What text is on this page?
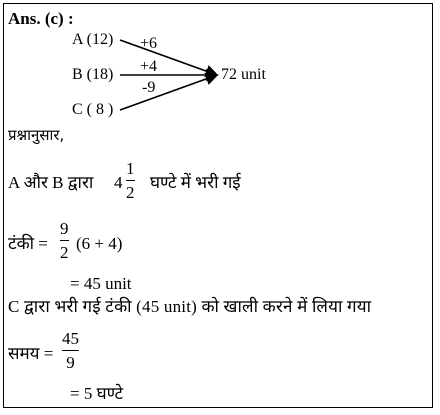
Ans. (c) :
A (12)
B (18)
C ( 8 )
+6
+4
-9
72 unit
प्रश्नानुसार,
A और B द्वारा 4
1
2
घण्टे में भरी गई
टंकी =
9
2 (6 + 4)
= 45 unit
C द्वारा भरी गई टंकी (45 unit) को खाली करने में लिया गया
समय =
45
9
= 5 घण्टे
